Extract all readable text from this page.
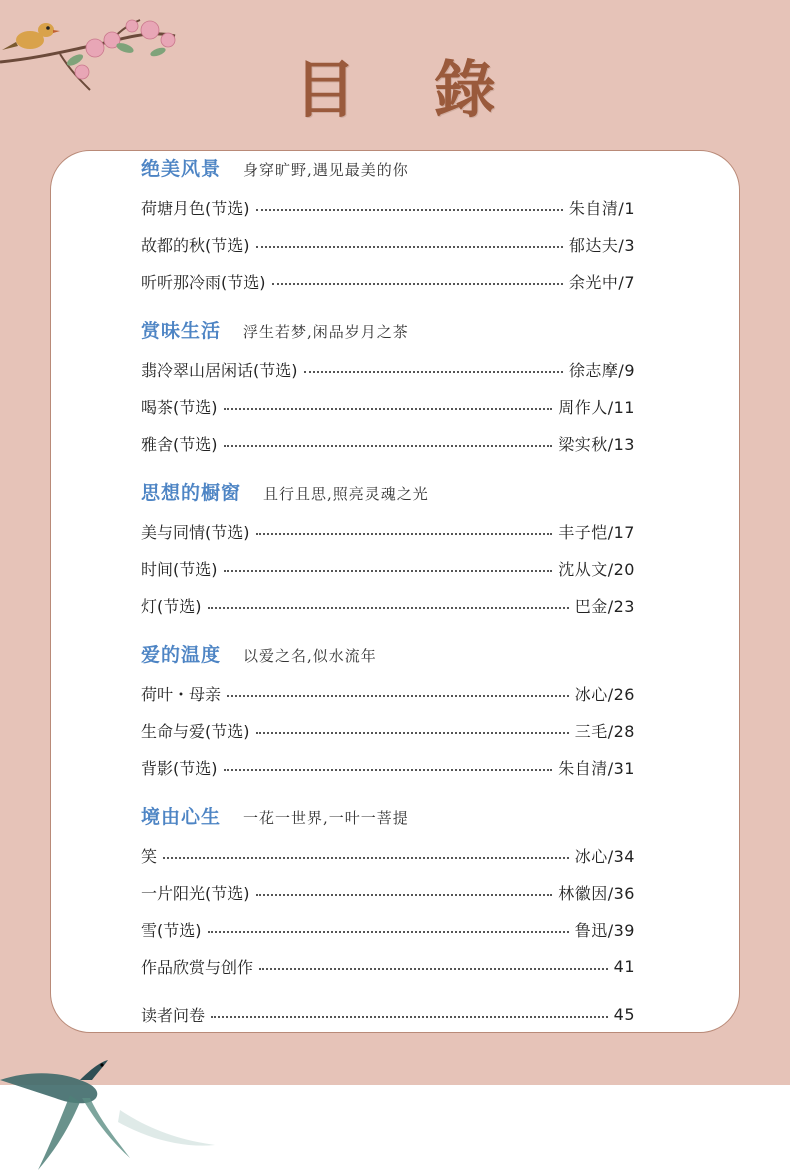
目 錄
绝美风景 身穿旷野,遇见最美的你
荷塘月色(节选)	朱自清/1
故都的秋(节选)	郁达夫/3
听听那冷雨(节选)	余光中/7
赏味生活 浮生若梦,闲品岁月之茶
翡冷翠山居闲话(节选)	徐志摩/9
喝茶(节选)	周作人/11
雅舍(节选)	梁实秋/13
思想的橱窗 且行且思,照亮灵魂之光
美与同情(节选)	丰子恺/17
时间(节选)	沈从文/20
灯(节选)	巴金/23
爱的温度 以爱之名,似水流年
荷叶・母亲	冰心/26
生命与爱(节选)	三毛/28
背影(节选)	朱自清/31
境由心生 一花一世界,一叶一菩提
笑	冰心/34
一片阳光(节选)	林徽因/36
雪(节选)	鲁迅/39
作品欣赏与创作	41
读者问卷	45
